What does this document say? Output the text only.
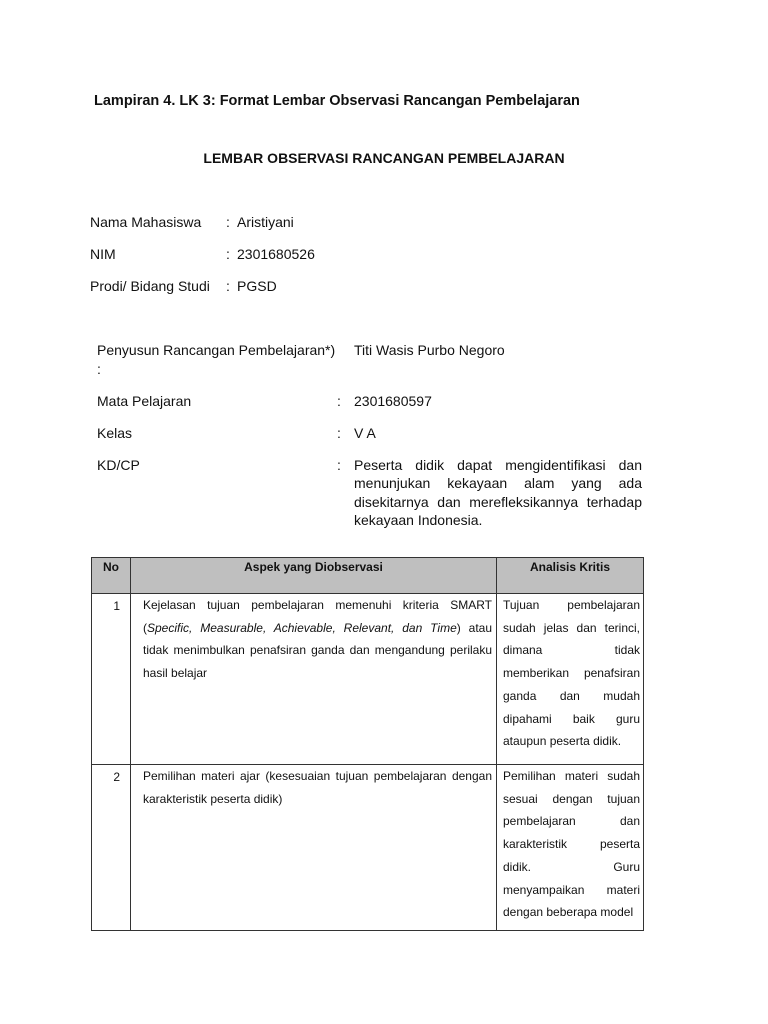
Lampiran 4. LK 3: Format Lembar Observasi Rancangan Pembelajaran
LEMBAR OBSERVASI RANCANGAN PEMBELAJARAN
Nama Mahasiswa	: Aristiyani
NIM	: 2301680526
Prodi/ Bidang Studi	: PGSD
Penyusun Rancangan Pembelajaran*) :
Titi Wasis Purbo Negoro
Mata Pelajaran	: 2301680597
Kelas	: V A
KD/CP	: Peserta didik dapat mengidentifikasi dan menunjukan kekayaan alam yang ada disekitarnya dan merefleksikannya terhadap kekayaan Indonesia.
No	Aspek yang Diobservasi	Analisis Kritis
1	Kejelasan tujuan pembelajaran memenuhi kriteria SMART (Specific, Measurable, Achievable, Relevant, dan Time) atau tidak menimbulkan penafsiran ganda dan mengandung perilaku hasil belajar	Tujuan pembelajaran sudah jelas dan terinci, dimana tidak memberikan penafsiran ganda dan mudah dipahami baik guru ataupun peserta didik.
2	Pemilihan materi ajar (kesesuaian tujuan pembelajaran dengan karakteristik peserta didik)	Pemilihan materi sudah sesuai dengan tujuan pembelajaran dan karakteristik peserta didik. Guru menyampaikan materi dengan beberapa model
